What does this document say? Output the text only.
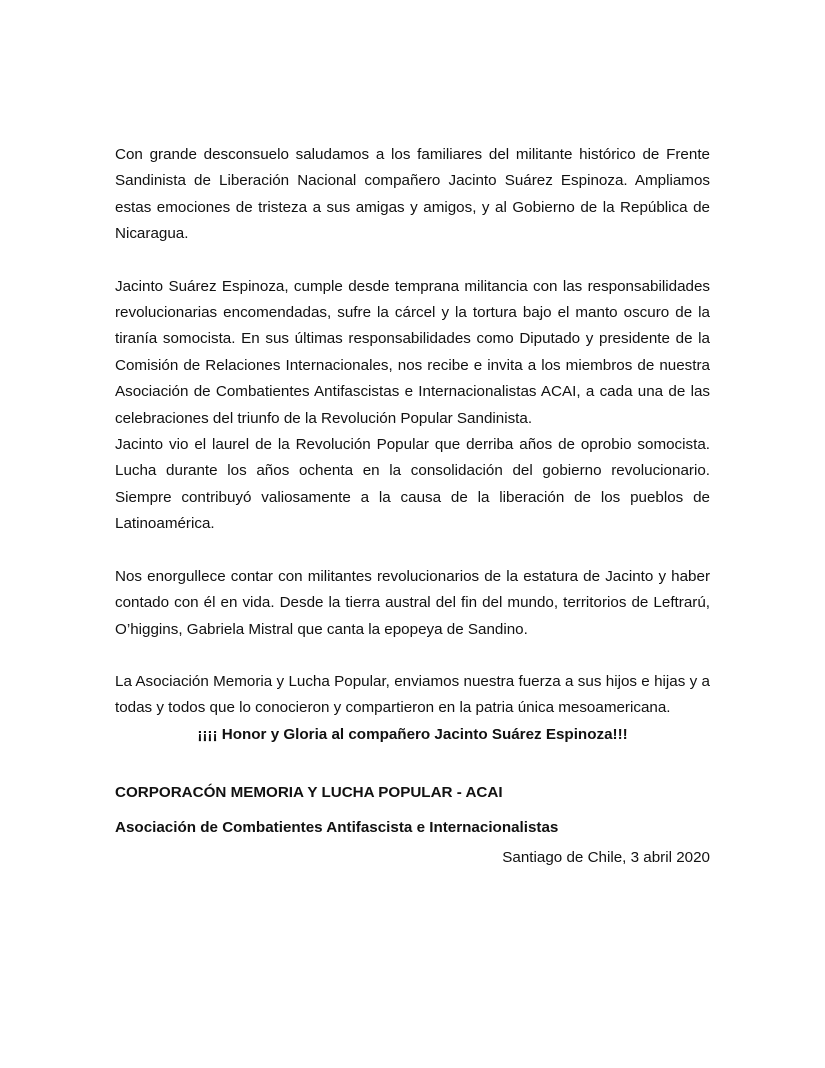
Con grande desconsuelo saludamos a los familiares del militante histórico de Frente Sandinista de Liberación Nacional compañero Jacinto Suárez Espinoza. Ampliamos estas emociones de tristeza a sus amigas y amigos, y al Gobierno de la República de Nicaragua.

Jacinto Suárez Espinoza, cumple desde temprana militancia con las responsabilidades revolucionarias encomendadas, sufre la cárcel y la tortura bajo el manto oscuro de la tiranía somocista. En sus últimas responsabilidades como Diputado y presidente de la Comisión de Relaciones Internacionales, nos recibe e invita a los miembros de nuestra Asociación de Combatientes Antifascistas e Internacionalistas ACAI, a cada una de las celebraciones del triunfo de la Revolución Popular Sandinista.

Jacinto vio el laurel de la Revolución Popular que derriba años de oprobio somocista. Lucha durante los años ochenta en la consolidación del gobierno revolucionario. Siempre contribuyó valiosamente a la causa de la liberación de los pueblos de Latinoamérica.

Nos enorgullece contar con militantes revolucionarios de la estatura de Jacinto y haber contado con él en vida. Desde la tierra austral del fin del mundo, territorios de Leftrarú, O’higgins, Gabriela Mistral que canta la epopeya de Sandino.

La Asociación Memoria y Lucha Popular, enviamos nuestra fuerza a sus hijos e hijas y a todas y todos que lo conocieron y compartieron en la patria única mesoamericana.

¡¡¡¡ Honor y Gloria al compañero Jacinto Suárez Espinoza!!!

CORPORACÓN MEMORIA Y LUCHA POPULAR - ACAI

Asociación de Combatientes Antifascista e Internacionalistas

Santiago de Chile, 3 abril 2020
